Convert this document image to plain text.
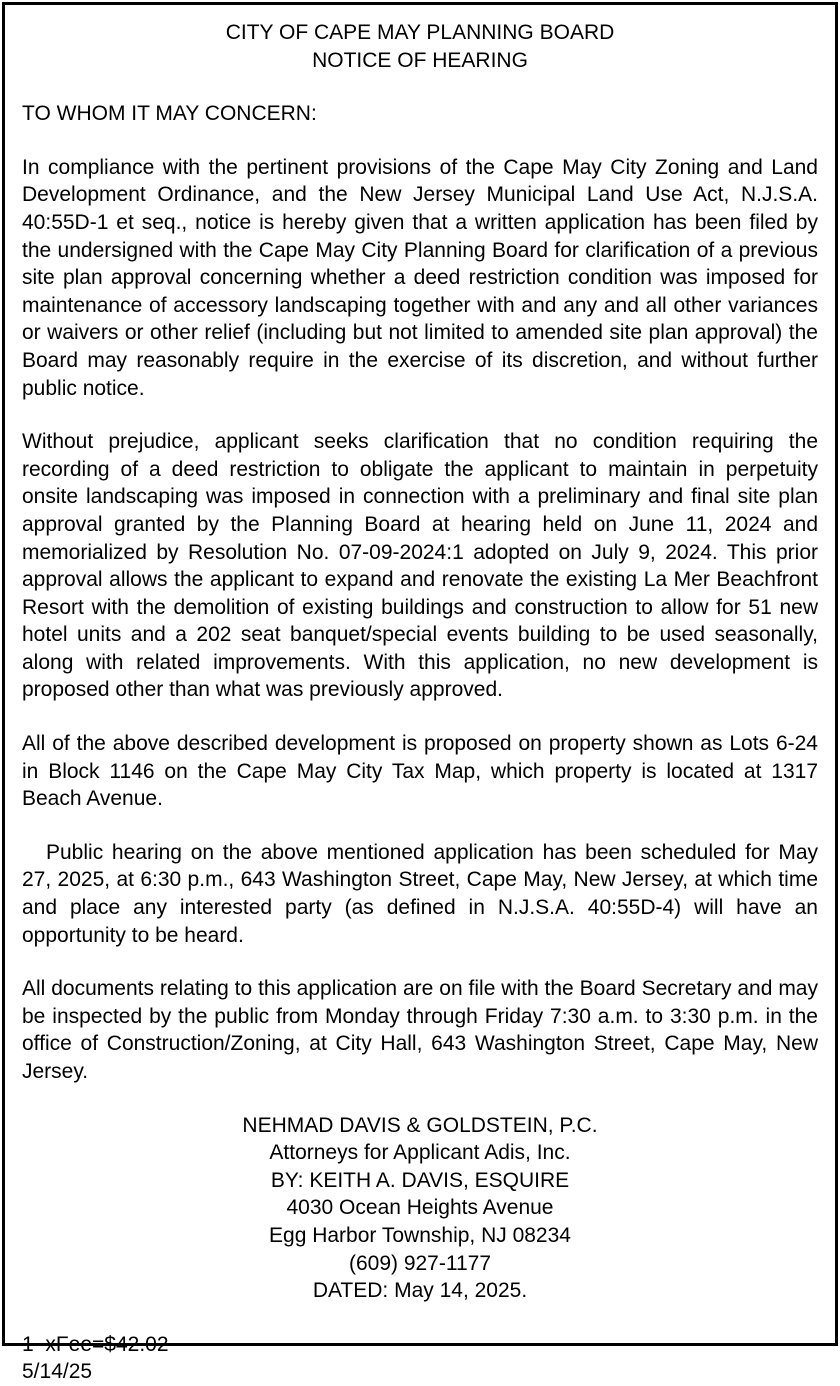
CITY OF CAPE MAY PLANNING BOARD

NOTICE OF HEARING

TO WHOM IT MAY CONCERN:

In compliance with the pertinent provisions of the Cape May City Zoning and Land Development Ordinance, and the New Jersey Municipal Land Use Act, N.J.S.A. 40:55D-1 et seq., notice is hereby given that a written application has been filed by the undersigned with the Cape May City Planning Board for clarification of a previous site plan approval concerning whether a deed restriction condition was imposed for maintenance of accessory landscaping together with and any and all other variances or waivers or other relief (including but not limited to amended site plan approval) the Board may reasonably require in the exercise of its discretion, and without further public notice.

Without prejudice, applicant seeks clarification that no condition requiring the recording of a deed restriction to obligate the applicant to maintain in perpetuity onsite landscaping was imposed in connection with a preliminary and final site plan approval granted by the Planning Board at hearing held on June 11, 2024 and memorialized by Resolution No. 07-09-2024:1 adopted on July 9, 2024. This prior approval allows the applicant to expand and renovate the existing La Mer Beachfront Resort with the demolition of existing buildings and construction to allow for 51 new hotel units and a 202 seat banquet/special events building to be used seasonally, along with related improvements. With this application, no new development is proposed other than what was previously approved.

All of the above described development is proposed on property shown as Lots 6-24 in Block 1146 on the Cape May City Tax Map, which property is located at 1317 Beach Avenue.

Public hearing on the above mentioned application has been scheduled for May 27, 2025, at 6:30 p.m., 643 Washington Street, Cape May, New Jersey, at which time and place any interested party (as defined in N.J.S.A. 40:55D-4) will have an opportunity to be heard.

All documents relating to this application are on file with the Board Secretary and may be inspected by the public from Monday through Friday 7:30 a.m. to 3:30 p.m. in the office of Construction/Zoning, at City Hall, 643 Washington Street, Cape May, New Jersey.

NEHMAD DAVIS & GOLDSTEIN, P.C.
Attorneys for Applicant Adis, Inc.
BY: KEITH A. DAVIS, ESQUIRE
4030 Ocean Heights Avenue
Egg Harbor Township, NJ 08234
(609) 927-1177
DATED: May 14, 2025.
1  xFee=$42.02
5/14/25
